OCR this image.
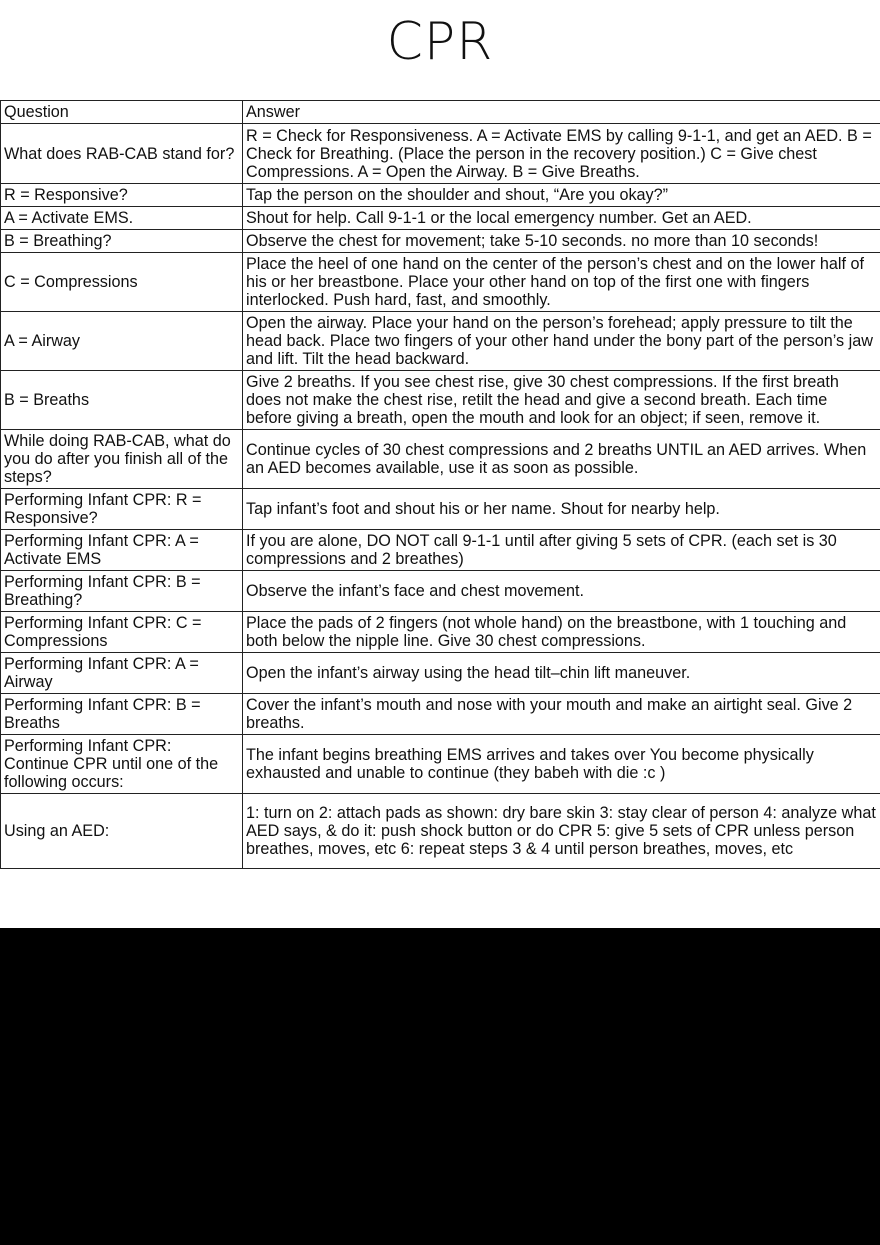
CPR
Question	Answer
What does RAB-CAB stand for?	R = Check for Responsiveness. A = Activate EMS by calling 9-1-1, and get an AED. B = Check for Breathing. (Place the person in the recovery position.) C = Give chest Compressions. A = Open the Airway. B = Give Breaths.
R = Responsive?	Tap the person on the shoulder and shout, “Are you okay?”
A = Activate EMS.	Shout for help. Call 9-1-1 or the local emergency number. Get an AED.
B = Breathing?	Observe the chest for movement; take 5-10 seconds. no more than 10 seconds!
C = Compressions	Place the heel of one hand on the center of the person’s chest and on the lower half of his or her breastbone. Place your other hand on top of the first one with fingers interlocked. Push hard, fast, and smoothly.
A = Airway	Open the airway. Place your hand on the person’s forehead; apply pressure to tilt the head back. Place two fingers of your other hand under the bony part of the person’s jaw and lift. Tilt the head backward.
B = Breaths	Give 2 breaths. If you see chest rise, give 30 chest compressions. If the first breath does not make the chest rise, retilt the head and give a second breath. Each time before giving a breath, open the mouth and look for an object; if seen, remove it.
While doing RAB-CAB, what do you do after you finish all of the steps?	Continue cycles of 30 chest compressions and 2 breaths UNTIL an AED arrives. When an AED becomes available, use it as soon as possible.
Performing Infant CPR: R = Responsive?	Tap infant’s foot and shout his or her name. Shout for nearby help.
Performing Infant CPR: A = Activate EMS	If you are alone, DO NOT call 9-1-1 until after giving 5 sets of CPR. (each set is 30 compressions and 2 breathes)
Performing Infant CPR: B = Breathing?	Observe the infant’s face and chest movement.
Performing Infant CPR: C = Compressions	Place the pads of 2 fingers (not whole hand) on the breastbone, with 1 touching and both below the nipple line. Give 30 chest compressions.
Performing Infant CPR: A = Airway	Open the infant’s airway using the head tilt–chin lift maneuver.
Performing Infant CPR: B = Breaths	Cover the infant’s mouth and nose with your mouth and make an airtight seal. Give 2 breaths.
Performing Infant CPR: Continue CPR until one of the following occurs:	The infant begins breathing EMS arrives and takes over You become physically exhausted and unable to continue (they babeh with die :c )
Using an AED:	1: turn on 2: attach pads as shown: dry bare skin 3: stay clear of person 4: analyze what AED says, & do it: push shock button or do CPR 5: give 5 sets of CPR unless person breathes, moves, etc 6: repeat steps 3 & 4 until person breathes, moves, etc
